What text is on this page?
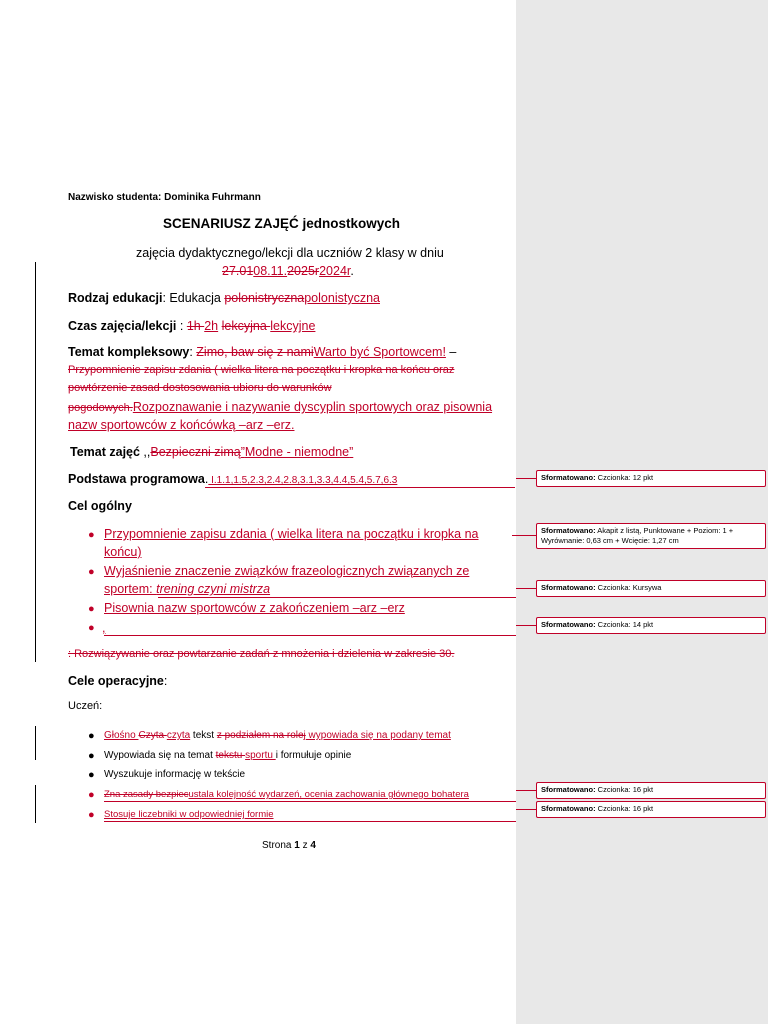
Nazwisko studenta: Dominika Fuhrmann
SCENARIUSZ ZAJĘĆ jednostkowych
zajęcia dydaktycznego/lekcji dla uczniów 2 klasy w dniu
27.0108.11.2025r2024r.
Rodzaj edukacji: Edukacja polonistrycznapolonistyczna
Czas zajęcia/lekcji : 1h 2h lekcyjna lekcyjne
Temat kompleksowy: Zimo, baw się z namiWarto być Sportowcem! –
Przypomnienie zapisu zdania ( wielka litera na początku i kropka na końcu oraz
powtórzenie zasad dostosowania ubioru do warunków
pogodowych.Rozpoznawanie i nazywanie dyscyplin sportowych oraz pisownia
nazw sportowców z końcówką –arz –erz.
Temat zajęć ,,Bezpieczni zimą”Modne - niemodne”
Podstawa programowa. I.1.1,1.5,2.3,2.4,2.8,3.1,3.3,4.4,5.4,5.7,6.3
Cel ogólny
● Przypomnienie zapisu zdania ( wielka litera na początku i kropka na
końcu)
● Wyjaśnienie znaczenie związków frazeologicznych związanych ze
sportem: trening czyni mistrza
● Pisownia nazw sportowców z zakończeniem –arz –erz
● ,
: Rozwiązywanie oraz powtarzanie zadań z mnożenia i dzielenia w zakresie 30.
Cele operacyjne:
Uczeń:
● Głośno Czyta czyta tekst z podziałem na rolej wypowiada się na podany temat
● Wypowiada się na temat tekstu sportu i formułuje opinie
● Wyszukuje informację w tekście
● Zna zasady bezpiecustala kolejność wydarzeń, ocenia zachowania głównego bohatera
● Stosuje liczebniki w odpowiedniej formie
Strona 1 z 4
Sformatowano: Czcionka: 12 pkt
Sformatowano: Akapit z listą, Punktowane + Poziom: 1 + Wyrównanie: 0,63 cm + Wcięcie: 1,27 cm
Sformatowano: Czcionka: Kursywa
Sformatowano: Czcionka: 14 pkt
Sformatowano: Czcionka: 16 pkt
Sformatowano: Czcionka: 16 pkt
